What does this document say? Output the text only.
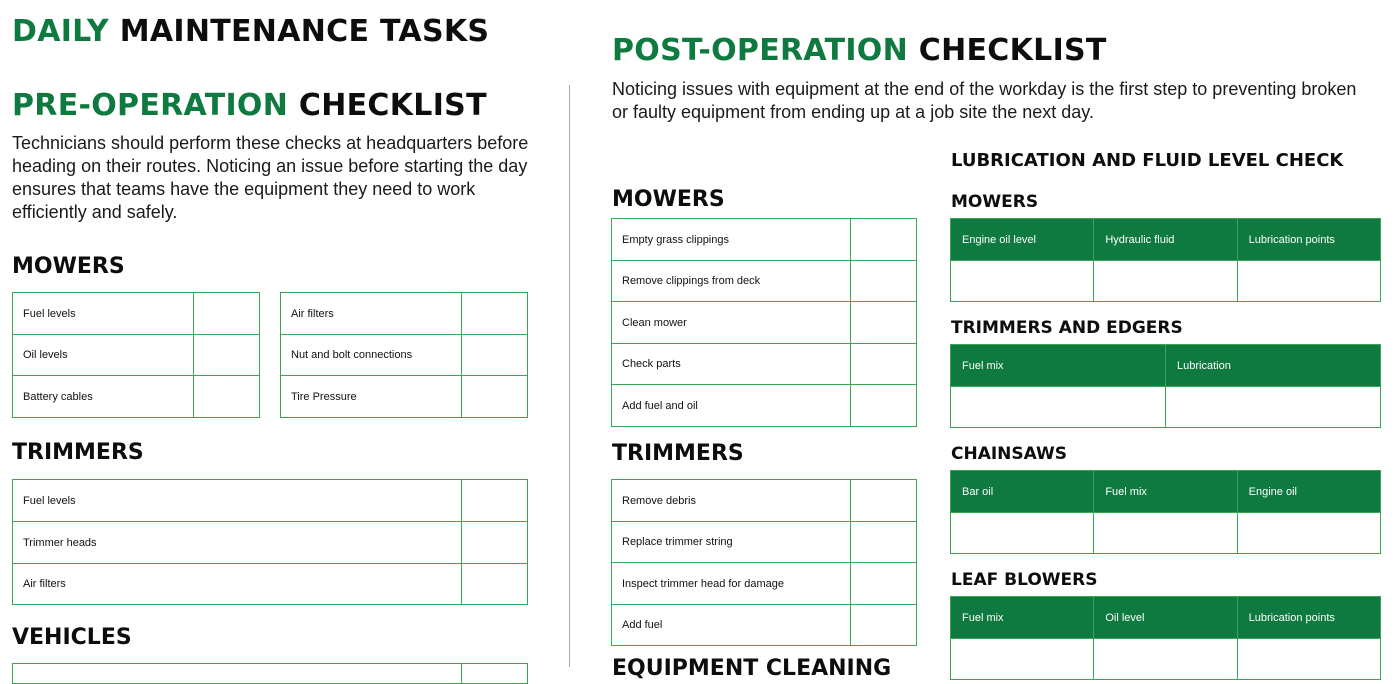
DAILY MAINTENANCE TASKS
PRE-OPERATION CHECKLIST

Technicians should perform these checks at headquarters before heading on their routes. Noticing an issue before starting the day ensures that teams have the equipment they need to work efficiently and safely.

MOWERS
Fuel levels	
Oil levels	
Battery cables	
Air filters	
Nut and bolt connections	
Tire Pressure	
TRIMMERS
Fuel levels	
Trimmer heads	
Air filters	
VEHICLES

POST-OPERATION CHECKLIST

Noticing issues with equipment at the end of the workday is the first step to preventing broken or faulty equipment from ending up at a job site the next day.

MOWERS
Empty grass clippings	
Remove clippings from deck	
Clean mower	
Check parts	
Add fuel and oil	
TRIMMERS
Remove debris	
Replace trimmer string	
Inspect trimmer head for damage	
Add fuel	
EQUIPMENT CLEANING
LUBRICATION AND FLUID LEVEL CHECK
MOWERS
Engine oil level	Hydraulic fluid	Lubrication points

TRIMMERS AND EDGERS
Fuel mix	Lubrication

CHAINSAWS
Bar oil	Fuel mix	Engine oil

LEAF BLOWERS
Fuel mix	Oil level	Lubrication points
